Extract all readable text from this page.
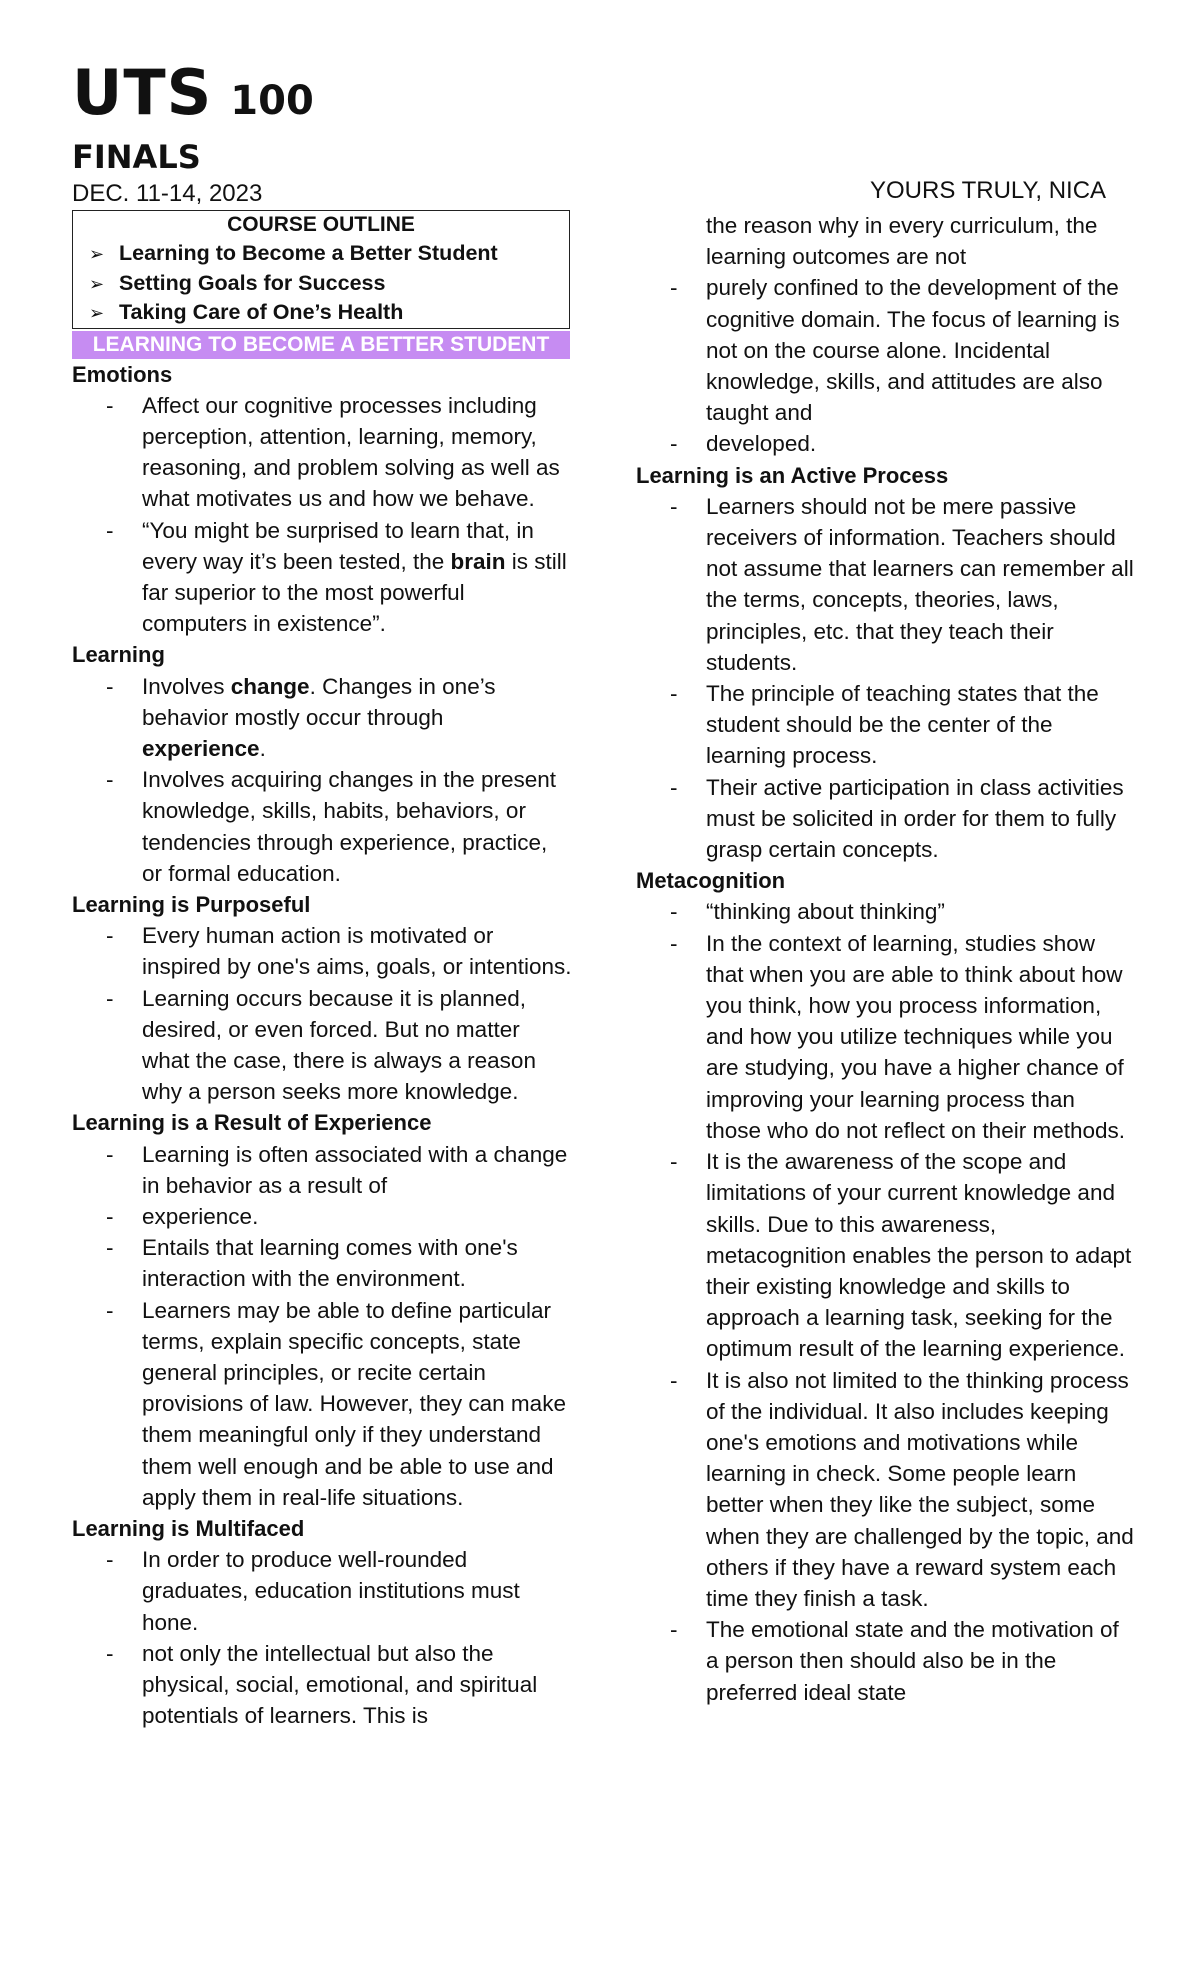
UTS 100
FINALS
DEC. 11-14, 2023	YOURS TRULY, NICA
COURSE OUTLINE
➢ Learning to Become a Better Student
➢ Setting Goals for Success
➢ Taking Care of One’s Health
LEARNING TO BECOME A BETTER STUDENT
Emotions
- Affect our cognitive processes including perception, attention, learning, memory, reasoning, and problem solving as well as what motivates us and how we behave.
- “You might be surprised to learn that, in every way it’s been tested, the brain is still far superior to the most powerful computers in existence”.
Learning
- Involves change. Changes in one’s behavior mostly occur through experience.
- Involves acquiring changes in the present knowledge, skills, habits, behaviors, or tendencies through experience, practice, or formal education.
Learning is Purposeful
- Every human action is motivated or inspired by one's aims, goals, or intentions.
- Learning occurs because it is planned, desired, or even forced. But no matter what the case, there is always a reason why a person seeks more knowledge.
Learning is a Result of Experience
- Learning is often associated with a change in behavior as a result of
- experience.
- Entails that learning comes with one's interaction with the environment.
- Learners may be able to define particular terms, explain specific concepts, state general principles, or recite certain provisions of law. However, they can make them meaningful only if they understand them well enough and be able to use and apply them in real-life situations.
Learning is Multifaced
- In order to produce well-rounded graduates, education institutions must hone.
- not only the intellectual but also the physical, social, emotional, and spiritual potentials of learners. This is
the reason why in every curriculum, the learning outcomes are not
- purely confined to the development of the cognitive domain. The focus of learning is not on the course alone. Incidental knowledge, skills, and attitudes are also taught and
- developed.
Learning is an Active Process
- Learners should not be mere passive receivers of information. Teachers should not assume that learners can remember all the terms, concepts, theories, laws, principles, etc. that they teach their students.
- The principle of teaching states that the student should be the center of the learning process.
- Their active participation in class activities must be solicited in order for them to fully grasp certain concepts.
Metacognition
- “thinking about thinking”
- In the context of learning, studies show that when you are able to think about how you think, how you process information, and how you utilize techniques while you are studying, you have a higher chance of improving your learning process than those who do not reflect on their methods.
- It is the awareness of the scope and limitations of your current knowledge and skills. Due to this awareness, metacognition enables the person to adapt their existing knowledge and skills to approach a learning task, seeking for the optimum result of the learning experience.
- It is also not limited to the thinking process of the individual. It also includes keeping one's emotions and motivations while learning in check. Some people learn better when they like the subject, some when they are challenged by the topic, and others if they have a reward system each time they finish a task.
- The emotional state and the motivation of a person then should also be in the preferred ideal state
